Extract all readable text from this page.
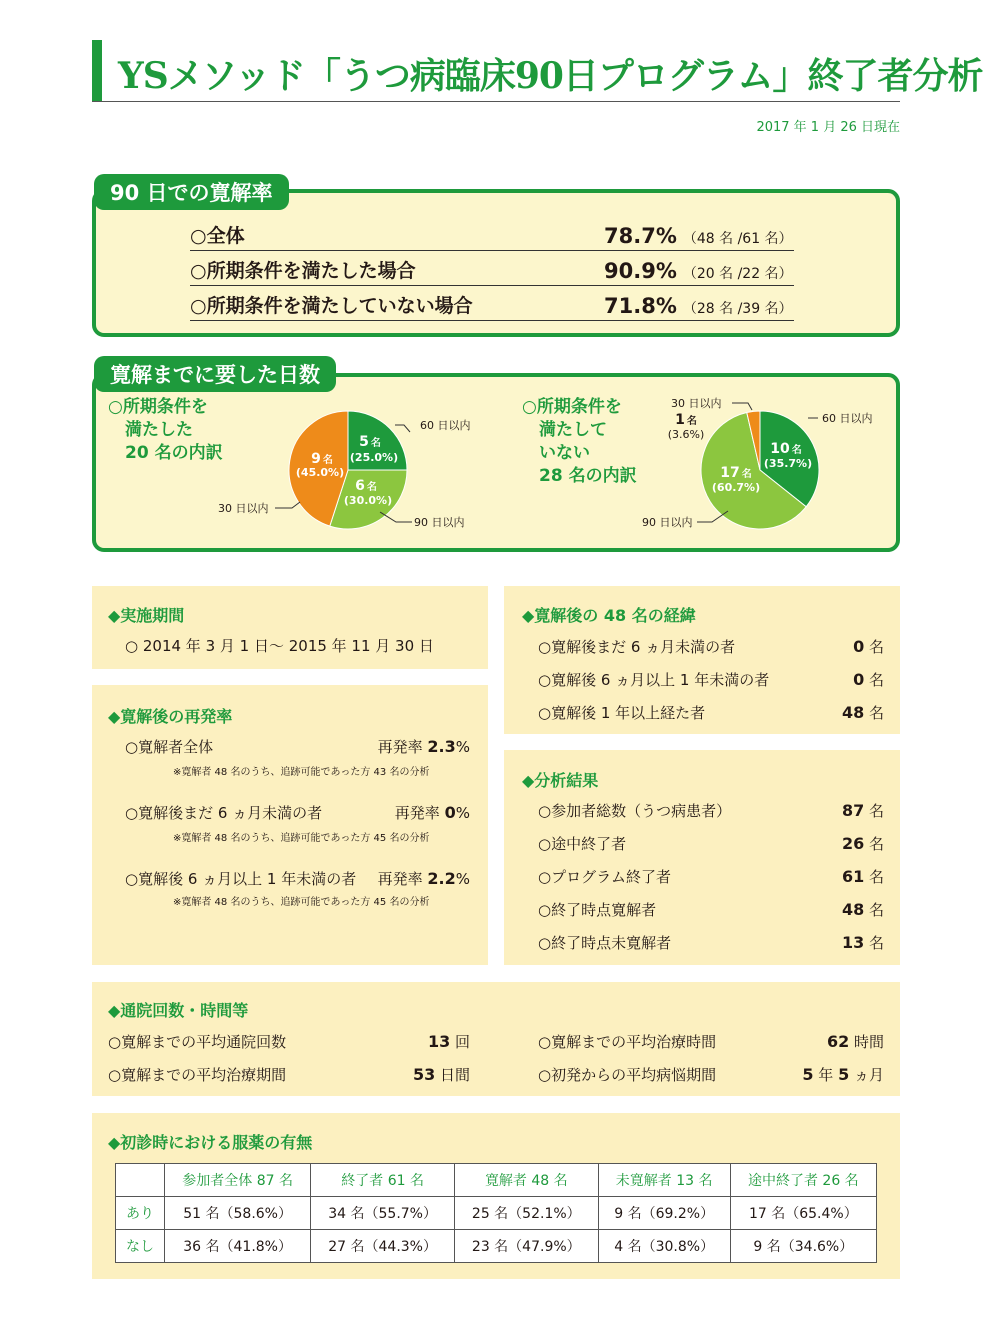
YSメソッド「うつ病臨床90日プログラム」終了者分析
2017 年 1 月 26 日現在
90 日での寛解率
○全体	78.7% （48 名 /61 名）
○所期条件を満たした場合	90.9% （20 名 /22 名）
○所期条件を満たしていない場合	71.8% （28 名 /39 名）
寛解までに要した日数
○所期条件を
　満たした
　20 名の内訳
○所期条件を
　満たして
　いない
　28 名の内訳
60 日以内
90 日以内
30 日以内
60 日以内
30 日以内
90 日以内
5 名
(25.0%)
6 名
(30.0%)
9 名
(45.0%)
10 名
(35.7%)
17 名
(60.7%)
1 名
(3.6%)
◆実施期間
○ 2014 年 3 月 1 日～ 2015 年 11 月 30 日
◆寛解後の再発率
○寛解者全体	再発率 2.3%
※寛解者 48 名のうち、追跡可能であった方 43 名の分析
○寛解後まだ 6 ヵ月未満の者	再発率 0%
※寛解者 48 名のうち、追跡可能であった方 45 名の分析
○寛解後 6 ヵ月以上 1 年未満の者	再発率 2.2%
※寛解者 48 名のうち、追跡可能であった方 45 名の分析
◆寛解後の 48 名の経緯
○寛解後まだ 6 ヵ月未満の者	0 名
○寛解後 6 ヵ月以上 1 年未満の者	0 名
○寛解後 1 年以上経た者	48 名
◆分析結果
○参加者総数（うつ病患者）	87 名
○途中終了者	26 名
○プログラム終了者	61 名
○終了時点寛解者	48 名
○終了時点未寛解者	13 名
◆通院回数・時間等
○寛解までの平均通院回数	13 回
○寛解までの平均治療期間	53 日間
○寛解までの平均治療時間	62 時間
○初発からの平均病悩期間	5 年 5 ヵ月
◆初診時における服薬の有無
	参加者全体 87 名	終了者 61 名	寛解者 48 名	未寛解者 13 名	途中終了者 26 名
あり	51 名（58.6%）	34 名（55.7%）	25 名（52.1%）	9 名（69.2%）	17 名（65.4%）
なし	36 名（41.8%）	27 名（44.3%）	23 名（47.9%）	4 名（30.8%）	9 名（34.6%）
